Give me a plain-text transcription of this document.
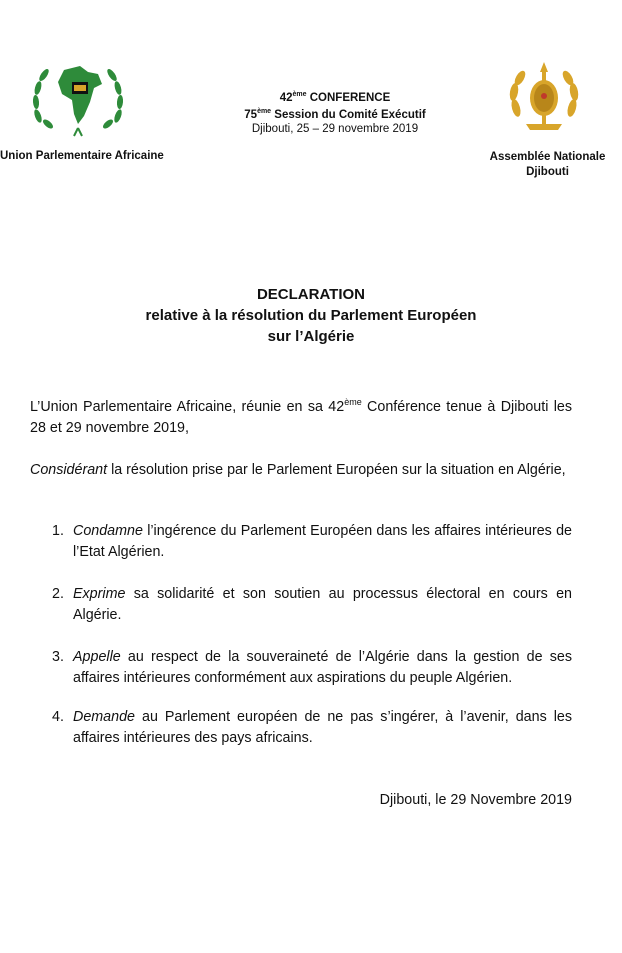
42ème CONFERENCE
75ème Session du Comité Exécutif
Djibouti, 25 – 29 novembre 2019
Union Parlementaire Africaine	Assemblée Nationale
Djibouti
DECLARATION
relative à la résolution du Parlement Européen
sur l’Algérie
L’Union Parlementaire Africaine, réunie en sa 42ème Conférence tenue à Djibouti les 28 et 29 novembre 2019,
Considérant la résolution prise par le Parlement Européen sur la situation en Algérie,
1. Condamne l’ingérence du Parlement Européen dans les affaires intérieures de l’Etat Algérien.
2. Exprime sa solidarité et son soutien au processus électoral en cours en Algérie.
3. Appelle au respect de la souveraineté de l’Algérie dans la gestion de ses affaires intérieures conformément aux aspirations du peuple Algérien.
4. Demande au Parlement européen de ne pas s’ingérer, à l’avenir, dans les affaires intérieures des pays africains.
Djibouti, le 29 Novembre 2019
